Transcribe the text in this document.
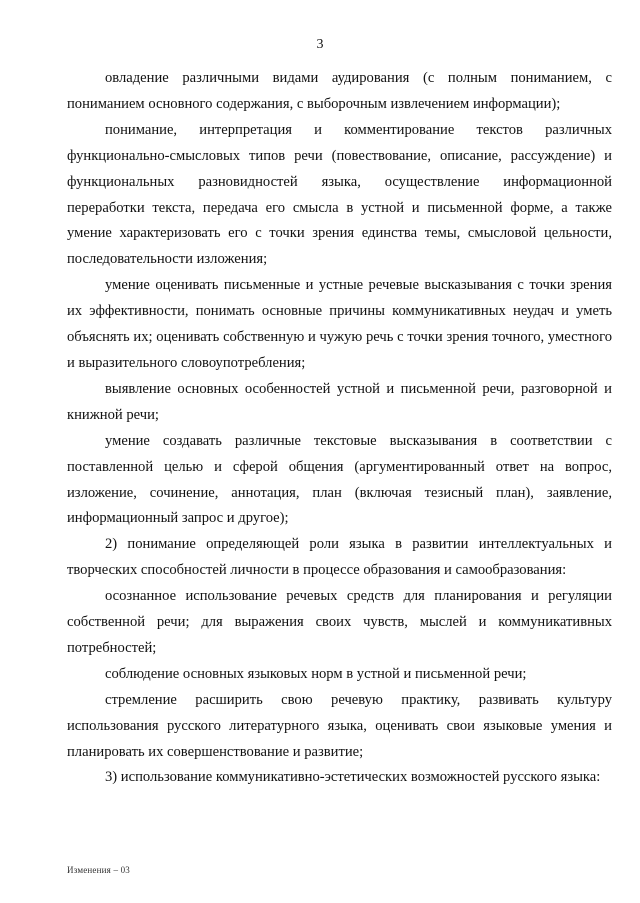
3

овладение различными видами аудирования (с полным пониманием, с пониманием основного содержания, с выборочным извлечением информации);

понимание, интерпретация и комментирование текстов различных функционально-смысловых типов речи (повествование, описание, рассуждение) и функциональных разновидностей языка, осуществление информационной переработки текста, передача его смысла в устной и письменной форме, а также умение характеризовать его с точки зрения единства темы, смысловой цельности, последовательности изложения;

умение оценивать письменные и устные речевые высказывания с точки зрения их эффективности, понимать основные причины коммуникативных неудач и уметь объяснять их; оценивать собственную и чужую речь с точки зрения точного, уместного и выразительного словоупотребления;

выявление основных особенностей устной и письменной речи, разговорной и книжной речи;

умение создавать различные текстовые высказывания в соответствии с поставленной целью и сферой общения (аргументированный ответ на вопрос, изложение, сочинение, аннотация, план (включая тезисный план), заявление, информационный запрос и другое);

2) понимание определяющей роли языка в развитии интеллектуальных и творческих способностей личности в процессе образования и самообразования:

осознанное использование речевых средств для планирования и регуляции собственной речи; для выражения своих чувств, мыслей и коммуникативных потребностей;

соблюдение основных языковых норм в устной и письменной речи;

стремление расширить свою речевую практику, развивать культуру использования русского литературного языка, оценивать свои языковые умения и планировать их совершенствование и развитие;

3) использование коммуникативно-эстетических возможностей русского языка:

Изменения – 03
